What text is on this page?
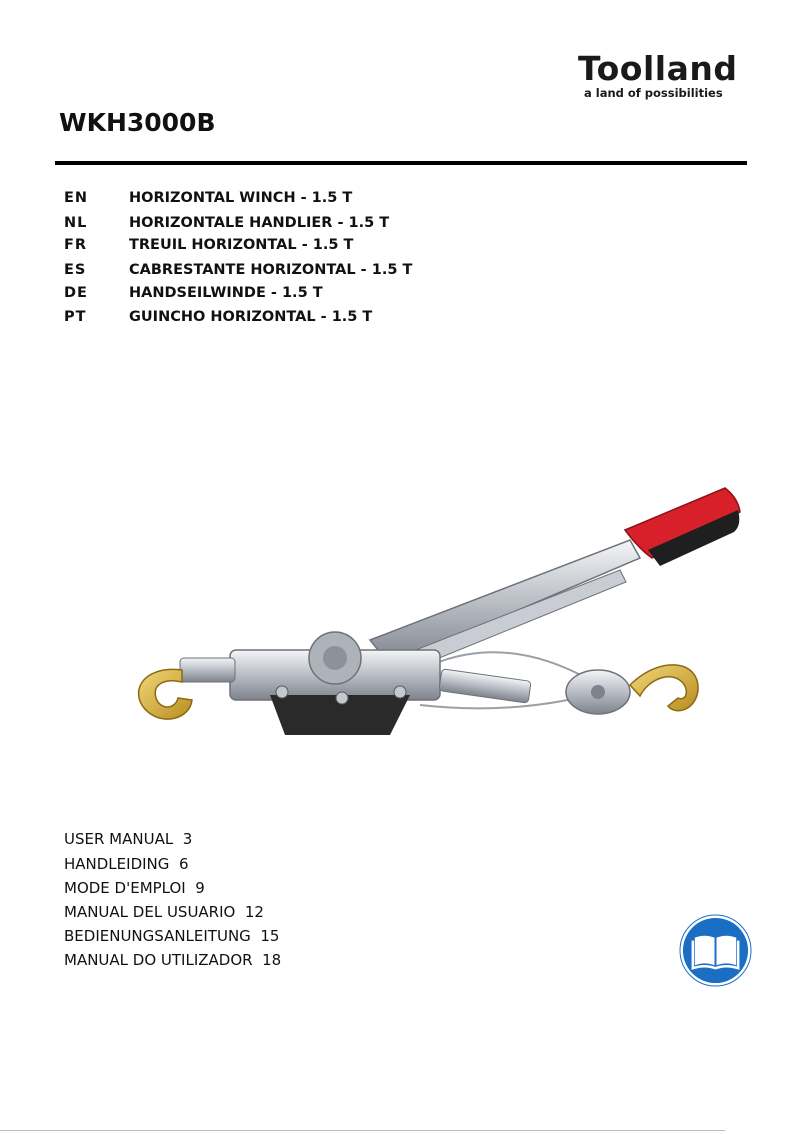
Toolland
a land of possibilities
WKH3000B
EN	HORIZONTAL WINCH - 1.5 T
NL	HORIZONTALE HANDLIER - 1.5 T
FR	TREUIL HORIZONTAL - 1.5 T
ES	CABRESTANTE HORIZONTAL - 1.5 T
DE	HANDSEILWINDE - 1.5 T
PT	GUINCHO HORIZONTAL - 1.5 T
USER MANUAL 3
HANDLEIDING 6
MODE D'EMPLOI 9
MANUAL DEL USUARIO 12
BEDIENUNGSANLEITUNG 15
MANUAL DO UTILIZADOR 18
